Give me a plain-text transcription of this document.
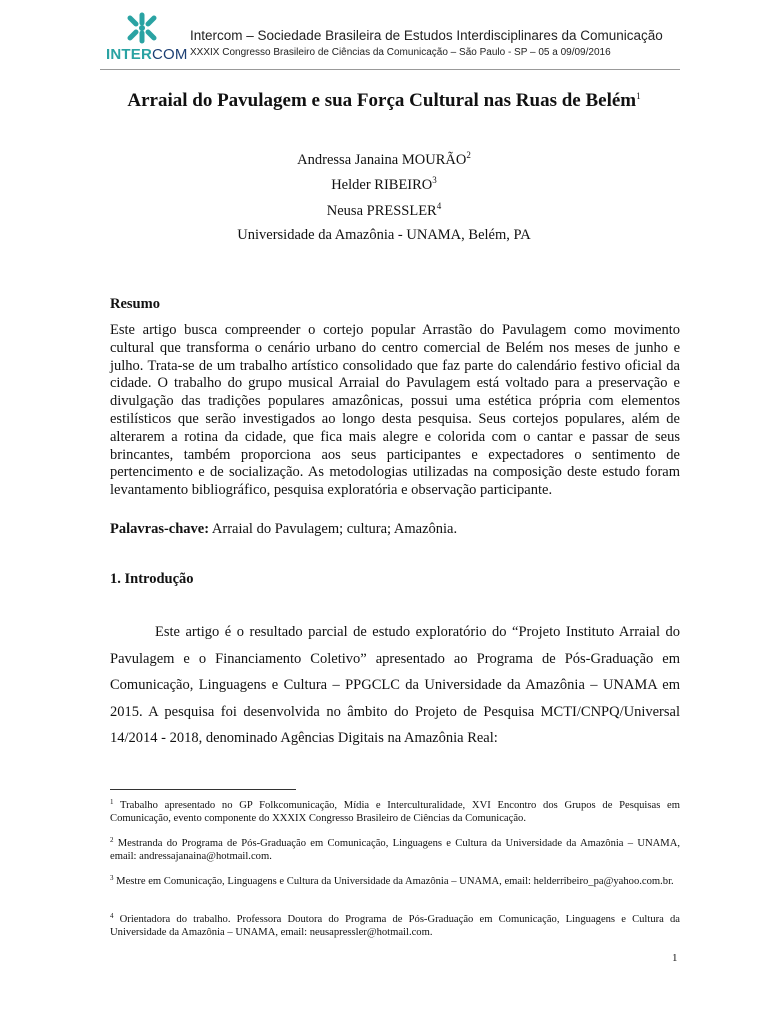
INTERCOM
Intercom – Sociedade Brasileira de Estudos Interdisciplinares da Comunicação
XXXIX Congresso Brasileiro de Ciências da Comunicação – São Paulo - SP – 05 a 09/09/2016
Arraial do Pavulagem e sua Força Cultural nas Ruas de Belém$^1$
Andressa Janaina MOURÃO$^2$
Helder RIBEIRO$^3$
Neusa PRESSLER$^4$
Universidade da Amazônia - UNAMA, Belém, PA
Resumo

Este artigo busca compreender o cortejo popular Arrastão do Pavulagem como movimento cultural que transforma o cenário urbano do centro comercial de Belém nos meses de junho e julho. Trata-se de um trabalho artístico consolidado que faz parte do calendário festivo oficial da cidade. O trabalho do grupo musical Arraial do Pavulagem está voltado para a preservação e divulgação das tradições populares amazônicas, possui uma estética própria com elementos estilísticos que serão investigados ao longo desta pesquisa. Seus cortejos populares, além de alterarem a rotina da cidade, que fica mais alegre e colorida com o cantar e passar de seus brincantes, também proporciona aos seus participantes e expectadores o sentimento de pertencimento e de socialização. As metodologias utilizadas na composição deste estudo foram levantamento bibliográfico, pesquisa exploratória e observação participante.

Palavras-chave: Arraial do Pavulagem; cultura; Amazônia.
1. Introdução

Este artigo é o resultado parcial de estudo exploratório do “Projeto Instituto Arraial do Pavulagem e o Financiamento Coletivo” apresentado ao Programa de Pós-Graduação em Comunicação, Linguagens e Cultura – PPGCLC da Universidade da Amazônia – UNAMA em 2015. A pesquisa foi desenvolvida no âmbito do Projeto de Pesquisa MCTI/CNPQ/Universal 14/2014 - 2018, denominado Agências Digitais na Amazônia Real:

$^1$ Trabalho apresentado no GP Folkcomunicação, Mídia e Interculturalidade, XVI Encontro dos Grupos de Pesquisas em Comunicação, evento componente do XXXIX Congresso Brasileiro de Ciências da Comunicação.

$^2$ Mestranda do Programa de Pós-Graduação em Comunicação, Linguagens e Cultura da Universidade da Amazônia – UNAMA, email: andressajanaina@hotmail.com.

$^3$ Mestre em Comunicação, Linguagens e Cultura da Universidade da Amazônia – UNAMA, email: helderribeiro_pa@yahoo.com.br.

$^4$ Orientadora do trabalho. Professora Doutora do Programa de Pós-Graduação em Comunicação, Linguagens e Cultura da Universidade da Amazônia – UNAMA, email: neusapressler@hotmail.com.

1
